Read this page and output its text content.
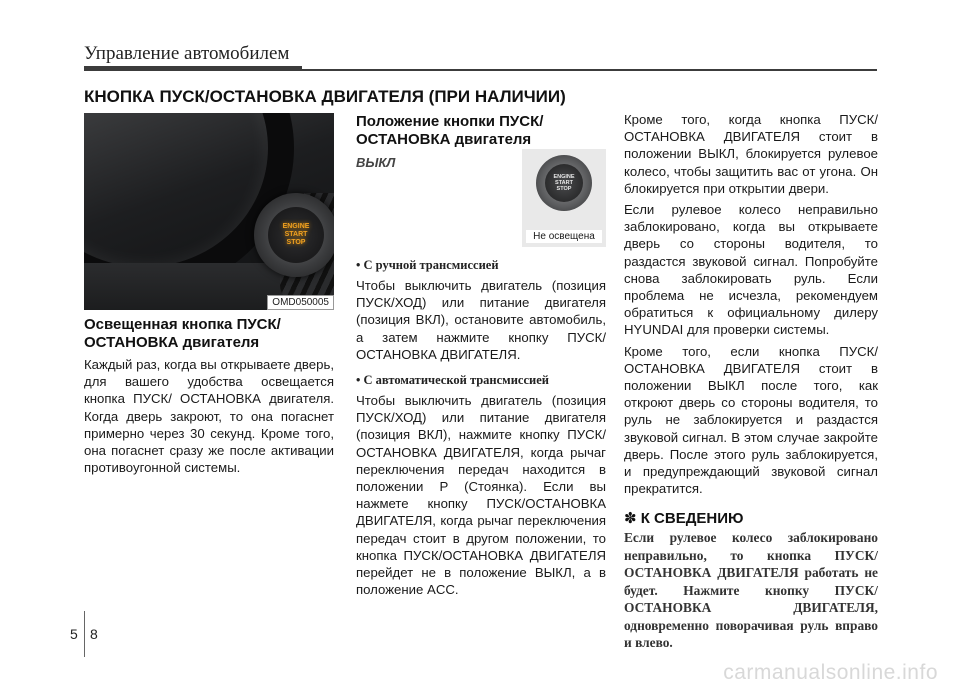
Управление автомобилем
КНОПКА ПУСК/ОСТАНОВКА ДВИГАТЕЛЯ (ПРИ НАЛИЧИИ)
ENGINE
START
STOP
OMD050005
Освещенная кнопка ПУСК/ ОСТАНОВКА двигателя

Каждый раз, когда вы открываете дверь, для вашего удобства освещается кнопка ПУСК/ ОСТАНОВКА двигателя. Когда дверь закроют, то она погаснет примерно через 30 секунд. Кроме того, она погаснет сразу же после активации противоугонной системы.

Положение кнопки ПУСК/ ОСТАНОВКА двигателя
ВЫКЛ
ENGINE
START
STOP
Не освещена
• С ручной трансмиссией

Чтобы выключить двигатель (позиция ПУСК/ХОД) или питание двигателя (позиция ВКЛ), остановите автомобиль, а затем нажмите кнопку ПУСК/ ОСТАНОВКА ДВИГАТЕЛЯ.

• С автоматической трансмиссией

Чтобы выключить двигатель (позиция ПУСК/ХОД) или питание двигателя (позиция ВКЛ), нажмите кнопку ПУСК/ОСТАНОВКА ДВИГАТЕЛЯ, когда рычаг переключения передач находится в положении P (Стоянка). Если вы нажмете кнопку ПУСК/ОСТАНОВКА ДВИГАТЕЛЯ, когда рычаг переключения передач стоит в другом положении, то кнопка ПУСК/ОСТАНОВКА ДВИГАТЕЛЯ перейдет не в положение ВЫКЛ, а в положение ACC.

Кроме того, когда кнопка ПУСК/ОСТАНОВКА ДВИГАТЕЛЯ стоит в положении ВЫКЛ, блокируется рулевое колесо, чтобы защитить вас от угона. Он блокируется при открытии двери.

Если рулевое колесо неправильно заблокировано, когда вы открываете дверь со стороны водителя, то раздастся звуковой сигнал. Попробуйте снова заблокировать руль. Если проблема не исчезла, рекомендуем обратиться к официальному дилеру HYUNDAI для проверки системы.

Кроме того, если кнопка ПУСК/ОСТАНОВКА ДВИГАТЕЛЯ стоит в положении ВЫКЛ после того, как откроют дверь со стороны водителя, то руль не заблокируется и раздастся звуковой сигнал. В этом случае закройте дверь. После этого руль заблокируется, и предупреждающий звуковой сигнал прекратится.

✽ К СВЕДЕНИЮ
Если рулевое колесо заблокировано неправильно, то кнопка ПУСК/ОСТАНОВКА ДВИГАТЕЛЯ работать не будет. Нажмите кнопку ПУСК/ОСТАНОВКА ДВИГАТЕЛЯ, одновременно поворачивая руль вправо и влево.
5 8
carmanualsonline.info
